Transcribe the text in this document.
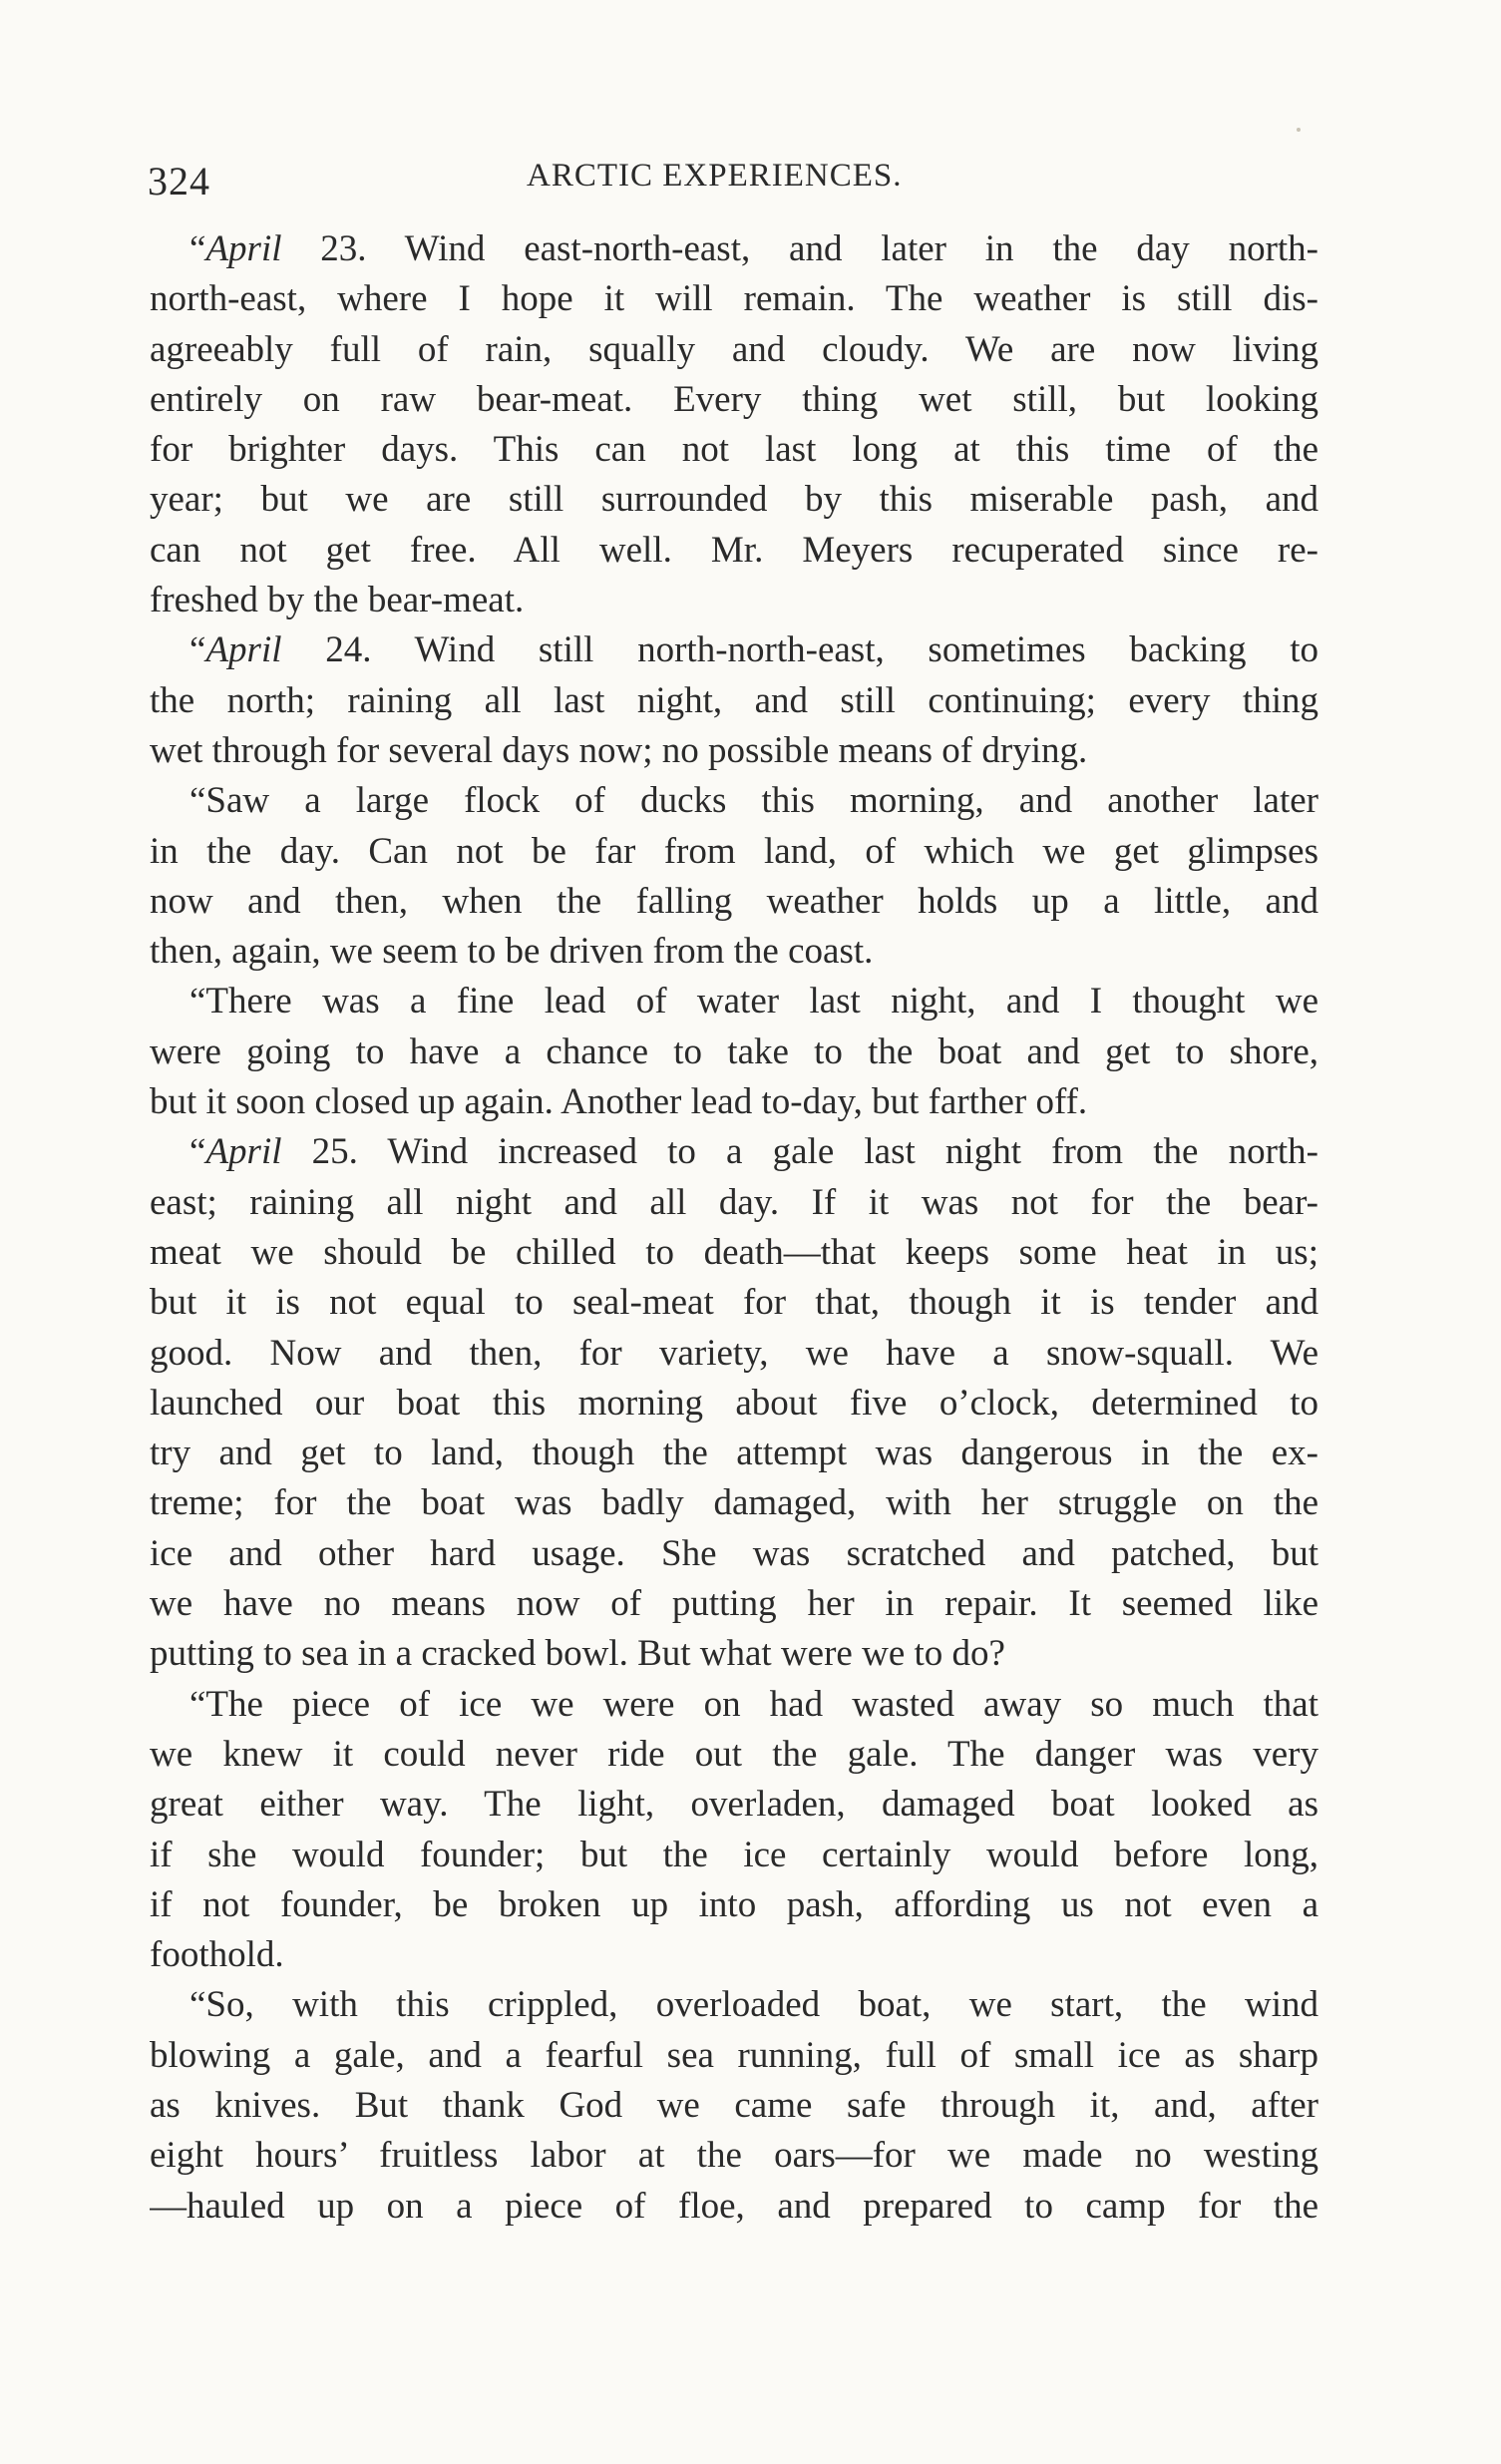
324	ARCTIC EXPERIENCES.
“April 23. Wind east-north-east, and later in the day north-
north-east, where I hope it will remain. The weather is still dis-
agreeably full of rain, squally and cloudy. We are now living
entirely on raw bear-meat. Every thing wet still, but looking
for brighter days. This can not last long at this time of the
year; but we are still surrounded by this miserable pash, and
can not get free. All well. Mr. Meyers recuperated since re-
freshed by the bear-meat.
“April 24. Wind still north-north-east, sometimes backing to
the north; raining all last night, and still continuing; every thing
wet through for several days now; no possible means of drying.
“Saw a large flock of ducks this morning, and another later
in the day. Can not be far from land, of which we get glimpses
now and then, when the falling weather holds up a little, and
then, again, we seem to be driven from the coast.
“There was a fine lead of water last night, and I thought we
were going to have a chance to take to the boat and get to shore,
but it soon closed up again. Another lead to-day, but farther off.
“April 25. Wind increased to a gale last night from the north-
east; raining all night and all day. If it was not for the bear-
meat we should be chilled to death—that keeps some heat in us;
but it is not equal to seal-meat for that, though it is tender and
good. Now and then, for variety, we have a snow-squall. We
launched our boat this morning about five o’clock, determined to
try and get to land, though the attempt was dangerous in the ex-
treme; for the boat was badly damaged, with her struggle on the
ice and other hard usage. She was scratched and patched, but
we have no means now of putting her in repair. It seemed like
putting to sea in a cracked bowl. But what were we to do?
“The piece of ice we were on had wasted away so much that
we knew it could never ride out the gale. The danger was very
great either way. The light, overladen, damaged boat looked as
if she would founder; but the ice certainly would before long,
if not founder, be broken up into pash, affording us not even a
foothold.
“So, with this crippled, overloaded boat, we start, the wind
blowing a gale, and a fearful sea running, full of small ice as sharp
as knives. But thank God we came safe through it, and, after
eight hours’ fruitless labor at the oars—for we made no westing
—hauled up on a piece of floe, and prepared to camp for the
